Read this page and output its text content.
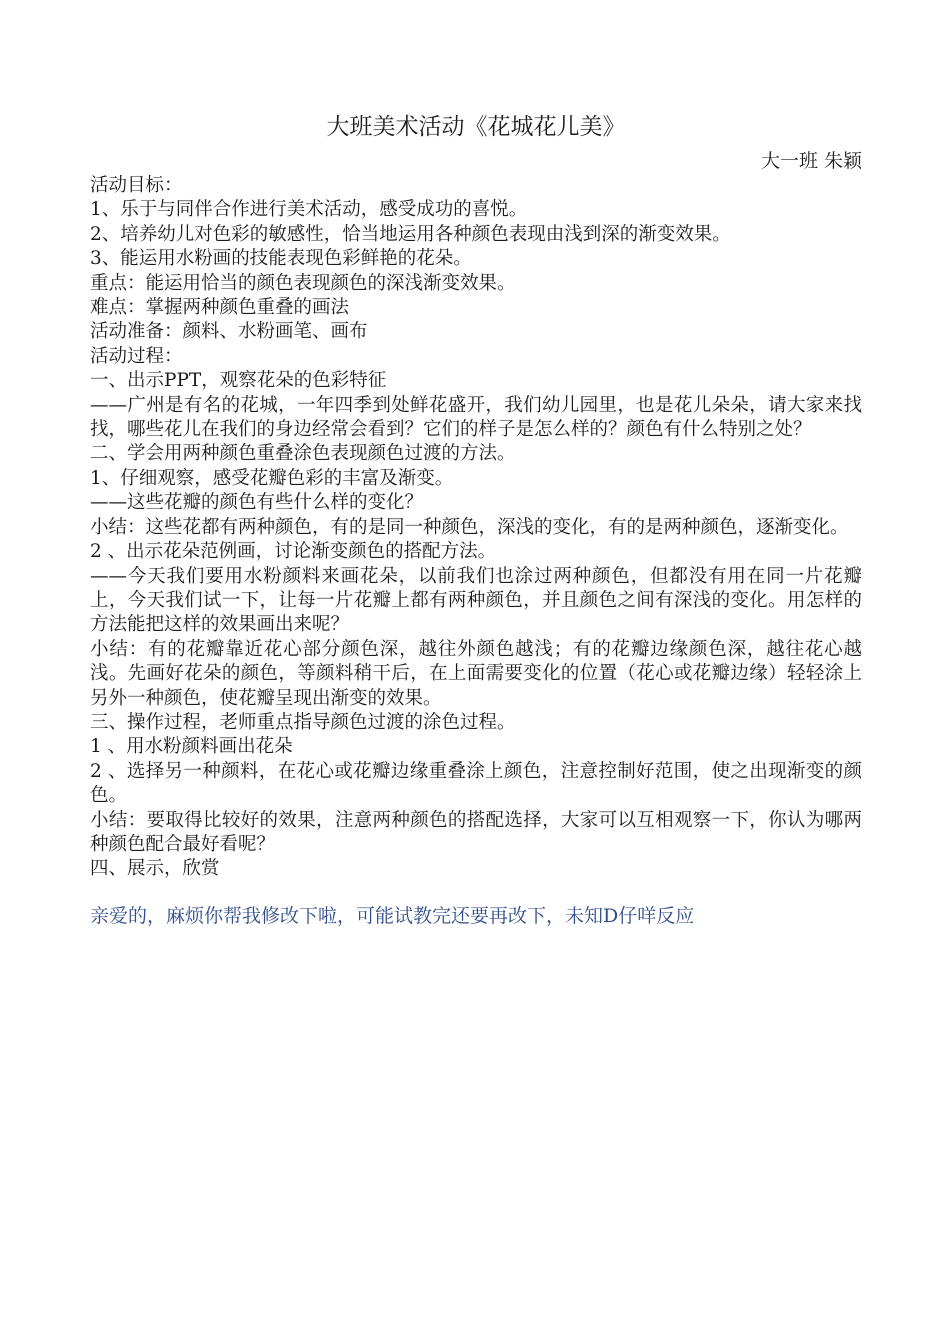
大班美术活动《花城花儿美》
大一班 朱颖

活动目标：

1、乐于与同伴合作进行美术活动，感受成功的喜悦。

2、培养幼儿对色彩的敏感性，恰当地运用各种颜色表现由浅到深的渐变效果。

3、能运用水粉画的技能表现色彩鲜艳的花朵。

重点：能运用恰当的颜色表现颜色的深浅渐变效果。

难点：掌握两种颜色重叠的画法

活动准备：颜料、水粉画笔、画布

活动过程：

一、出示PPT，观察花朵的色彩特征

——广州是有名的花城，一年四季到处鲜花盛开，我们幼儿园里，也是花儿朵朵，请大家来找找，哪些花儿在我们的身边经常会看到？它们的样子是怎么样的？颜色有什么特别之处？

二、学会用两种颜色重叠涂色表现颜色过渡的方法。

1、仔细观察，感受花瓣色彩的丰富及渐变。

——这些花瓣的颜色有些什么样的变化？

小结：这些花都有两种颜色，有的是同一种颜色，深浅的变化，有的是两种颜色，逐渐变化。

2 、出示花朵范例画，讨论渐变颜色的搭配方法。

——今天我们要用水粉颜料来画花朵，以前我们也涂过两种颜色，但都没有用在同一片花瓣上，今天我们试一下，让每一片花瓣上都有两种颜色，并且颜色之间有深浅的变化。用怎样的方法能把这样的效果画出来呢？

小结：有的花瓣靠近花心部分颜色深，越往外颜色越浅；有的花瓣边缘颜色深，越往花心越浅。先画好花朵的颜色，等颜料稍干后，在上面需要变化的位置（花心或花瓣边缘）轻轻涂上另外一种颜色，使花瓣呈现出渐变的效果。

三、操作过程，老师重点指导颜色过渡的涂色过程。

1 、用水粉颜料画出花朵

2 、选择另一种颜料，在花心或花瓣边缘重叠涂上颜色，注意控制好范围，使之出现渐变的颜色。

小结：要取得比较好的效果，注意两种颜色的搭配选择，大家可以互相观察一下，你认为哪两种颜色配合最好看呢？

四、展示，欣赏

亲爱的，麻烦你帮我修改下啦，可能试教完还要再改下，未知D仔咩反应
